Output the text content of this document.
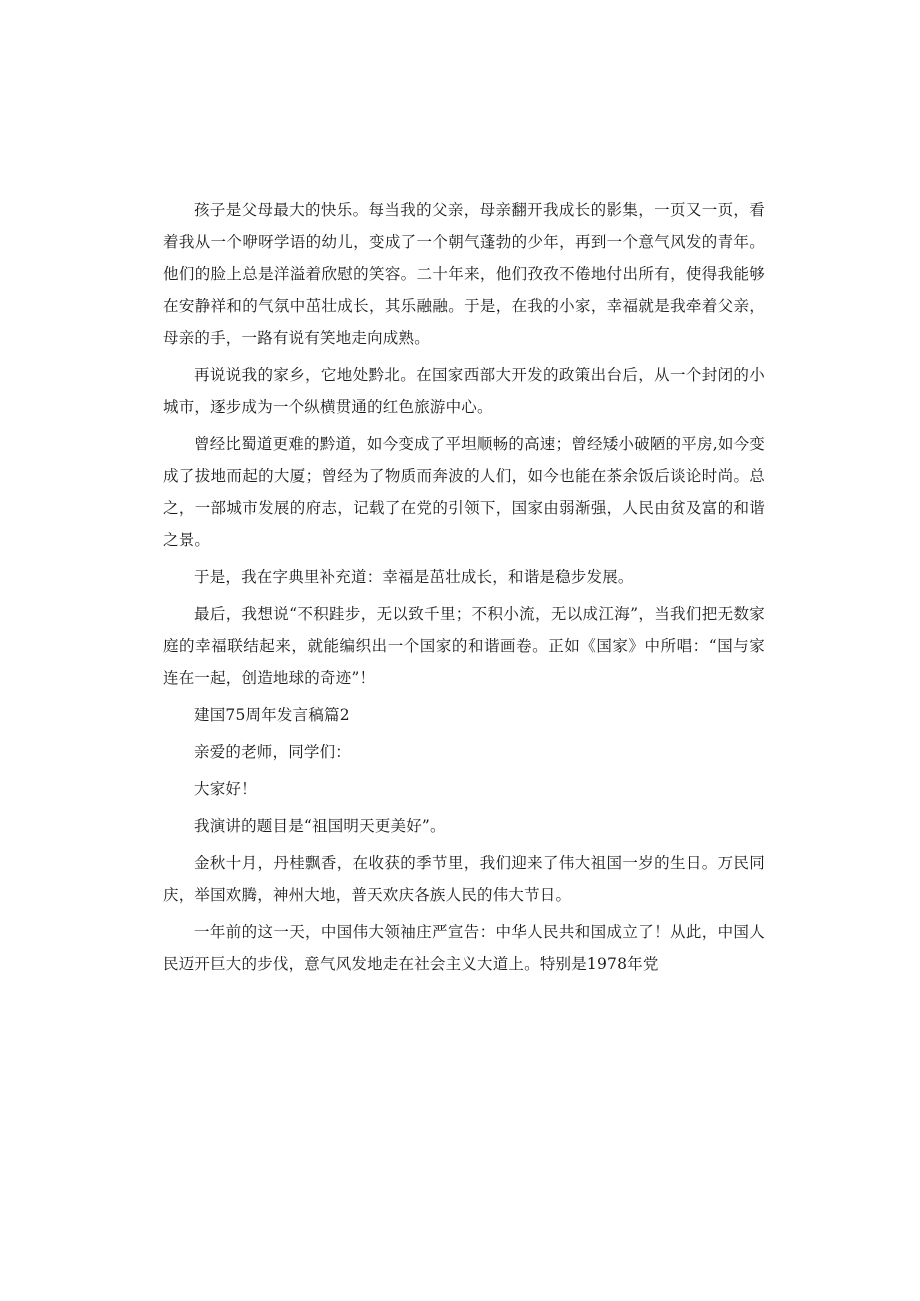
孩子是父母最大的快乐。每当我的父亲，母亲翻开我成长的影集，一页又一页，看着我从一个咿呀学语的幼儿，变成了一个朝气蓬勃的少年，再到一个意气风发的青年。他们的脸上总是洋溢着欣慰的笑容。二十年来，他们孜孜不倦地付出所有，使得我能够在安静祥和的气氛中茁壮成长，其乐融融。于是，在我的小家，幸福就是我牵着父亲，母亲的手，一路有说有笑地走向成熟。

再说说我的家乡，它地处黔北。在国家西部大开发的政策出台后，从一个封闭的小城市，逐步成为一个纵横贯通的红色旅游中心。

曾经比蜀道更难的黔道，如今变成了平坦顺畅的高速；曾经矮小破陋的平房,如今变成了拔地而起的大厦；曾经为了物质而奔波的人们，如今也能在茶余饭后谈论时尚。总之，一部城市发展的府志，记载了在党的引领下，国家由弱渐强，人民由贫及富的和谐之景。

于是，我在字典里补充道：幸福是茁壮成长，和谐是稳步发展。

最后，我想说“不积跬步，无以致千里；不积小流，无以成江海”，当我们把无数家庭的幸福联结起来，就能编织出一个国家的和谐画卷。正如《国家》中所唱：“国与家连在一起，创造地球的奇迹”！

建国75周年发言稿篇2

亲爱的老师，同学们：

大家好！

我演讲的题目是“祖国明天更美好”。

金秋十月，丹桂飘香，在收获的季节里，我们迎来了伟大祖国一岁的生日。万民同庆，举国欢腾，神州大地，普天欢庆各族人民的伟大节日。

一年前的这一天，中国伟大领袖庄严宣告：中华人民共和国成立了！从此，中国人民迈开巨大的步伐，意气风发地走在社会主义大道上。特别是1978年党
